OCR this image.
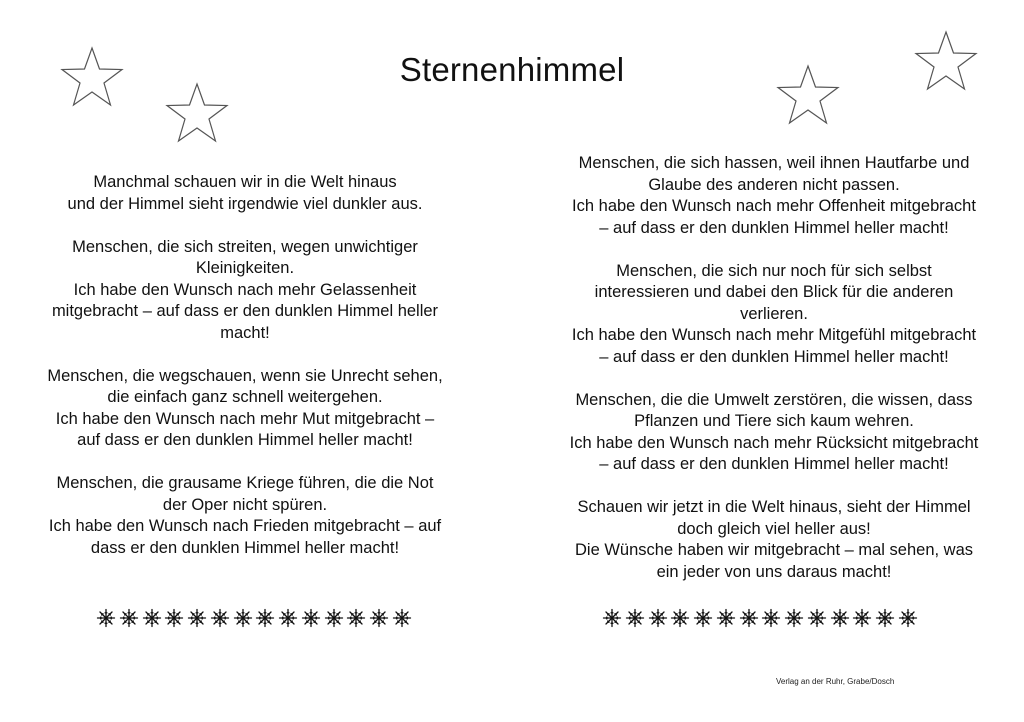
Sternenhimmel
Manchmal schauen wir in die Welt hinaus
und der Himmel sieht irgendwie viel dunkler aus.
Menschen, die sich streiten, wegen unwichtiger
Kleinigkeiten.
Ich habe den Wunsch nach mehr Gelassenheit
mitgebracht – auf dass er den dunklen Himmel heller
macht!
Menschen, die wegschauen, wenn sie Unrecht sehen,
die einfach ganz schnell weitergehen.
Ich habe den Wunsch nach mehr Mut mitgebracht –
auf dass er den dunklen Himmel heller macht!
Menschen, die grausame Kriege führen, die die Not
der Oper nicht spüren.
Ich habe den Wunsch nach Frieden mitgebracht – auf
dass er den dunklen Himmel heller macht!
Menschen, die sich hassen, weil ihnen Hautfarbe und
Glaube des anderen nicht passen.
Ich habe den Wunsch nach mehr Offenheit mitgebracht
– auf dass er den dunklen Himmel heller macht!
Menschen, die sich nur noch für sich selbst
interessieren und dabei den Blick für die anderen
verlieren.
Ich habe den Wunsch nach mehr Mitgefühl mitgebracht
– auf dass er den dunklen Himmel heller macht!
Menschen, die die Umwelt zerstören, die wissen, dass
Pflanzen und Tiere sich kaum wehren.
Ich habe den Wunsch nach mehr Rücksicht mitgebracht
– auf dass er den dunklen Himmel heller macht!
Schauen wir jetzt in die Welt hinaus, sieht der Himmel
doch gleich viel heller aus!
Die Wünsche haben wir mitgebracht – mal sehen, was
ein jeder von uns daraus macht!
Verlag an der Ruhr, Grabe/Dosch
